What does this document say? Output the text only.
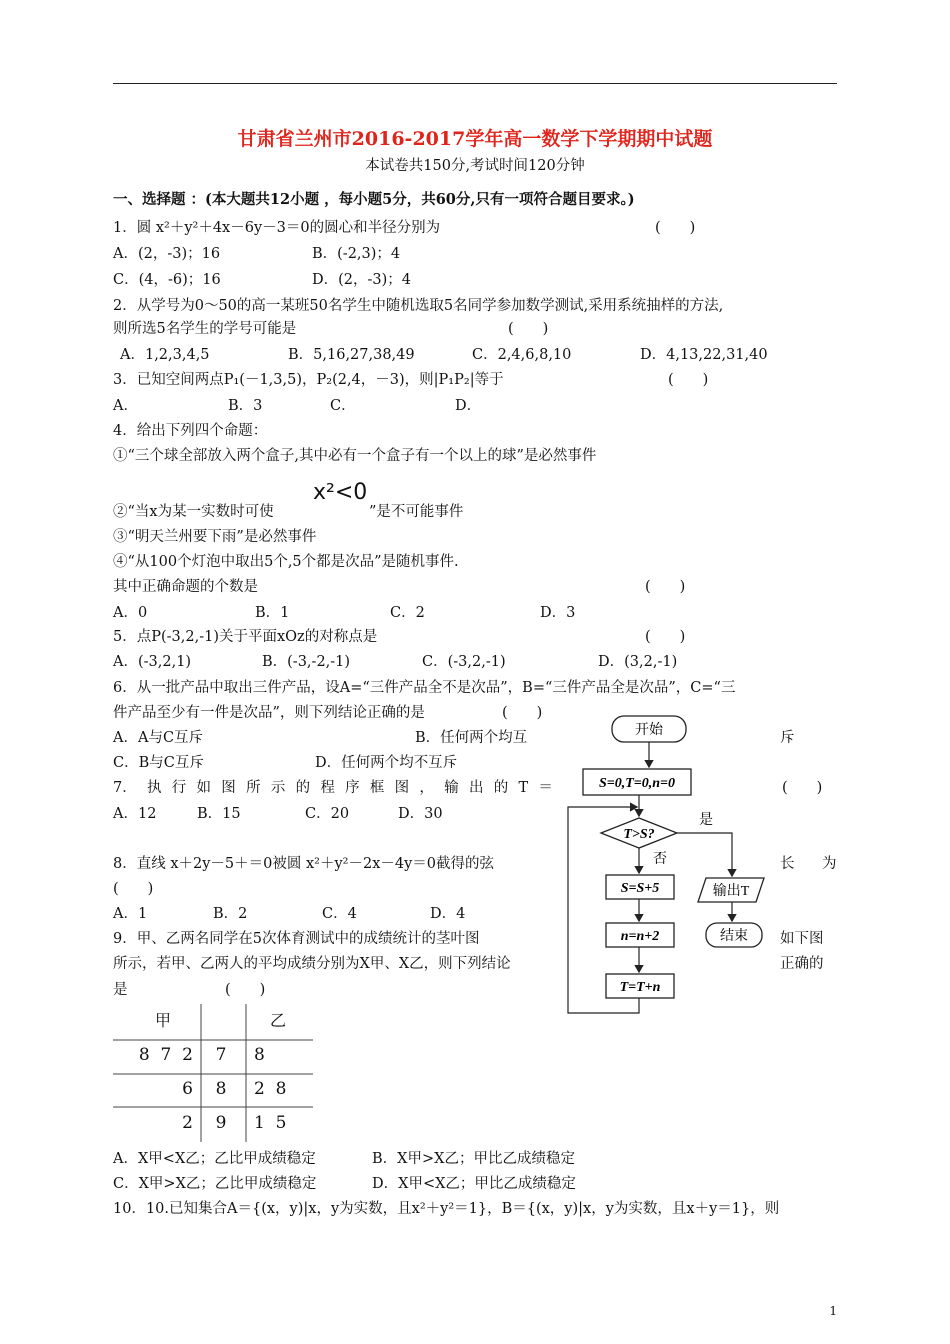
甘肃省兰州市2016-2017学年高一数学下学期期中试题
本试卷共150分,考试时间120分钟
一、选择题 ：(本大题共12小题 ，每小题5分，共60分,只有一项符合题目要求。)
1．圆 x²＋y²＋4x－6y－3＝0的圆心和半径分别为	(　　)
A．(2，-3)；16	B．(-2,3)；4
C．(4，-6)；16	D．(2，-3)；4
2．从学号为0～50的高一某班50名学生中随机选取5名同学参加数学测试,采用系统抽样的方法,
则所选5名学生的学号可能是	(　　)
A．1,2,3,4,5	B．5,16,27,38,49	C．2,4,6,8,10	D．4,13,22,31,40
3．已知空间两点P₁(－1,3,5)，P₂(2,4，－3)，则|P₁P₂|等于	(　　)
A．	B．3	C．	D．
4．给出下列四个命题：
①“三个球全部放入两个盒子,其中必有一个盒子有一个以上的球”是必然事件
②“当x为某一实数时可使
x²<0
”是不可能事件
③“明天兰州要下雨”是必然事件
④“从100个灯泡中取出5个,5个都是次品”是随机事件.
其中正确命题的个数是	(　　)
A．0	B．1	C．2	D．3
5．点P(-3,2,-1)关于平面xOz的对称点是	(　　)
A．(-3,2,1)	B．(-3,-2,-1)	C．(-3,2,-1)	D．(3,2,-1)
6．从一批产品中取出三件产品，设A=“三件产品全不是次品”，B=“三件产品全是次品”，C=“三
件产品至少有一件是次品”，则下列结论正确的是	(　　)
A．A与C互斥	B．任何两个均互	斥
C．B与C互斥	D．任何两个均不互斥
7． 执 行 如 图 所 示 的 程 序 框 图 ， 输 出 的 T ＝	(　　)
A．12	B．15	C．20	D．30
8．直线 x＋2y－5＋＝0被圆 x²＋y²－2x－4y＝0截得的弦	长 为
(　　)
A．1	B．2	C．4	D．4
9．甲、乙两名同学在5次体育测试中的成绩统计的茎叶图	如下图
所示，若甲、乙两人的平均成绩分别为X甲、X乙，则下列结论	正确的
是	(　　)
甲	乙
8  7  2	7	8
6	8	2  8
2	9	1  5
A．X甲<X乙；乙比甲成绩稳定	B．X甲>X乙；甲比乙成绩稳定
C．X甲>X乙；乙比甲成绩稳定	D．X甲<X乙；甲比乙成绩稳定
10．10.已知集合A＝{(x，y)|x，y为实数，且x²＋y²＝1}，B＝{(x，y)|x，y为实数，且x＋y＝1}，则
开始
S=0,T=0,n=0
T>S?
是
否
S=S+5	输出T
结束
n=n+2
T=T+n
1
